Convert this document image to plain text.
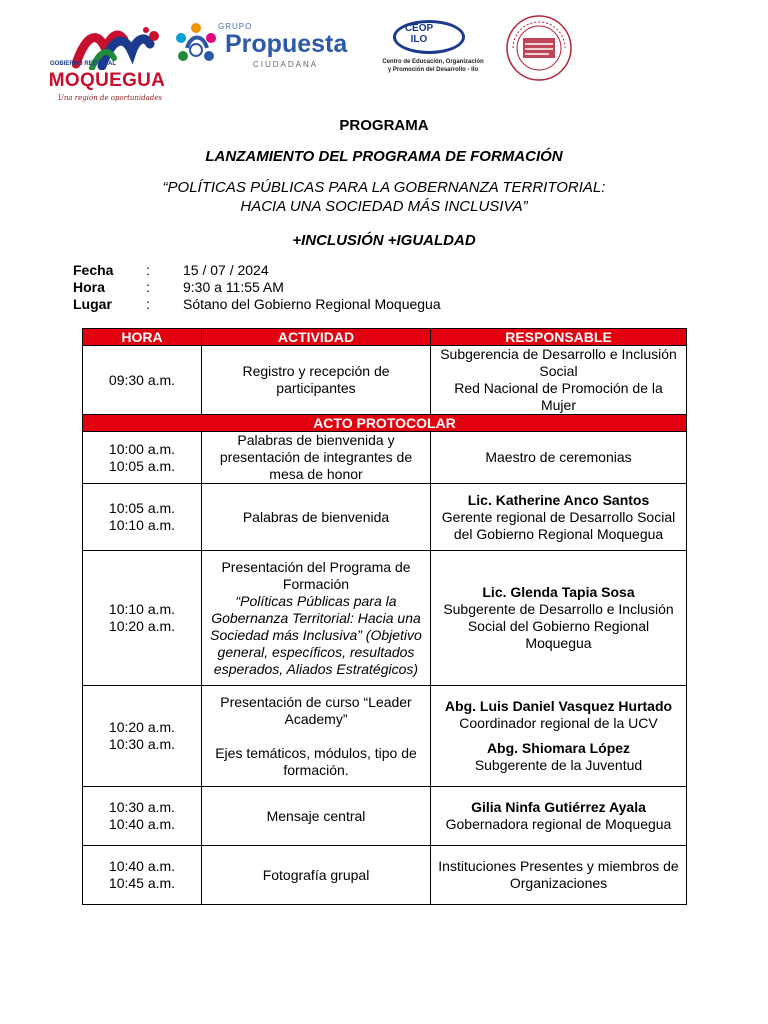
GOBIERNO REGIONAL
MOQUEGUA
Una región de oportunidades
GRUPO
Propuesta
CIUDADANA
CEOP
ILO
Centro de Educación, Organización
y Promoción del Desarrollo - Ilo
PROGRAMA
LANZAMIENTO DEL PROGRAMA DE FORMACIÓN
“POLÍTICAS PÚBLICAS PARA LA GOBERNANZA TERRITORIAL:
HACIA UNA SOCIEDAD MÁS INCLUSIVA”
+INCLUSIÓN +IGUALDAD
Fecha	:	15 / 07 / 2024
Hora	:	9:30 a 11:55 AM
Lugar	:	Sótano del Gobierno Regional Moquegua
HORA	ACTIVIDAD	RESPONSABLE

09:30 a.m.	Registro y recepción de participantes	Subgerencia de Desarrollo e Inclusión Social
Red Nacional de Promoción de la Mujer

ACTO PROTOCOLAR		

10:00 a.m.
10:05 a.m.	Palabras de bienvenida y presentación de integrantes de mesa de honor	Maestro de ceremonias

10:05 a.m.
10:10 a.m.	Palabras de bienvenida	Lic. Katherine Anco Santos
Gerente regional de Desarrollo Social del Gobierno Regional Moquegua

10:10 a.m.
10:20 a.m.	Presentación del Programa de Formación
“Políticas Públicas para la Gobernanza Territorial: Hacia una Sociedad más Inclusiva” (Objetivo general, específicos, resultados esperados, Aliados Estratégicos)	Lic. Glenda Tapia Sosa
Subgerente de Desarrollo e Inclusión Social del Gobierno Regional Moquegua

10:20 a.m.
10:30 a.m.	Presentación de curso “Leader Academy”
Ejes temáticos, módulos, tipo de formación.	Abg. Luis Daniel Vasquez Hurtado
Coordinador regional de la UCV
Abg. Shiomara López
Subgerente de la Juventud

10:30 a.m.
10:40 a.m.	Mensaje central	Gilia Ninfa Gutiérrez Ayala
Gobernadora regional de Moquegua

10:40 a.m.
10:45 a.m.	Fotografía grupal	Instituciones Presentes y miembros de Organizaciones
